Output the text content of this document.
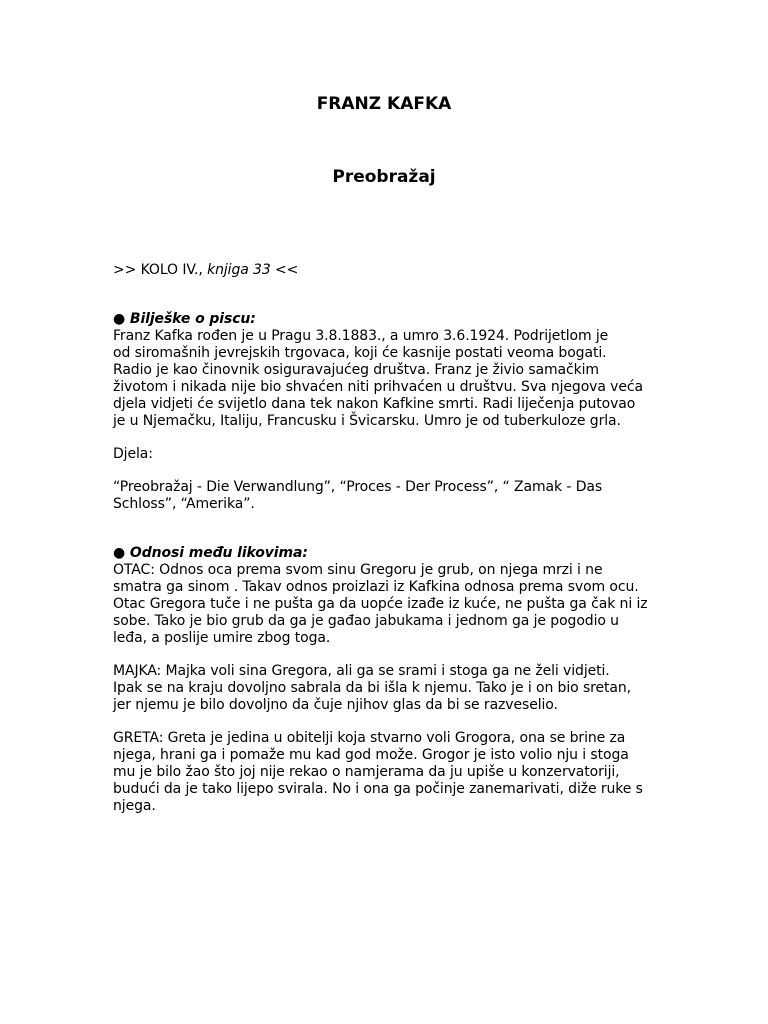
FRANZ KAFKA
Preobražaj

>> KOLO IV., knjiga 33 <<

● Bilješke o piscu:

Franz Kafka rođen je u Pragu 3.8.1883., a umro 3.6.1924. Podrijetlom je

od siromašnih jevrejskih trgovaca, koji će kasnije postati veoma bogati.

Radio je kao činovnik osiguravajućeg društva. Franz je živio samačkim

životom i nikada nije bio shvaćen niti prihvaćen u društvu. Sva njegova veća

djela vidjeti će svijetlo dana tek nakon Kafkine smrti. Radi liječenja putovao

je u Njemačku, Italiju, Francusku i Švicarsku. Umro je od tuberkuloze grla.

Djela:

“Preobražaj - Die Verwandlung”, “Proces - Der Process”, “ Zamak - Das

Schloss”, “Amerika”.

● Odnosi među likovima:

OTAC: Odnos oca prema svom sinu Gregoru je grub, on njega mrzi i ne

smatra ga sinom . Takav odnos proizlazi iz Kafkina odnosa prema svom ocu.

Otac Gregora tuče i ne pušta ga da uopće izađe iz kuće, ne pušta ga čak ni iz

sobe. Tako je bio grub da ga je gađao jabukama i jednom ga je pogodio u

leđa, a poslije umire zbog toga.

MAJKA: Majka voli sina Gregora, ali ga se srami i stoga ga ne želi vidjeti.

Ipak se na kraju dovoljno sabrala da bi išla k njemu. Tako je i on bio sretan,

jer njemu je bilo dovoljno da čuje njihov glas da bi se razveselio.

GRETA: Greta je jedina u obitelji koja stvarno voli Grogora, ona se brine za

njega, hrani ga i pomaže mu kad god može. Grogor je isto volio nju i stoga

mu je bilo žao što joj nije rekao o namjerama da ju upiše u konzervatoriji,

budući da je tako lijepo svirala. No i ona ga počinje zanemarivati, diže ruke s

njega.
